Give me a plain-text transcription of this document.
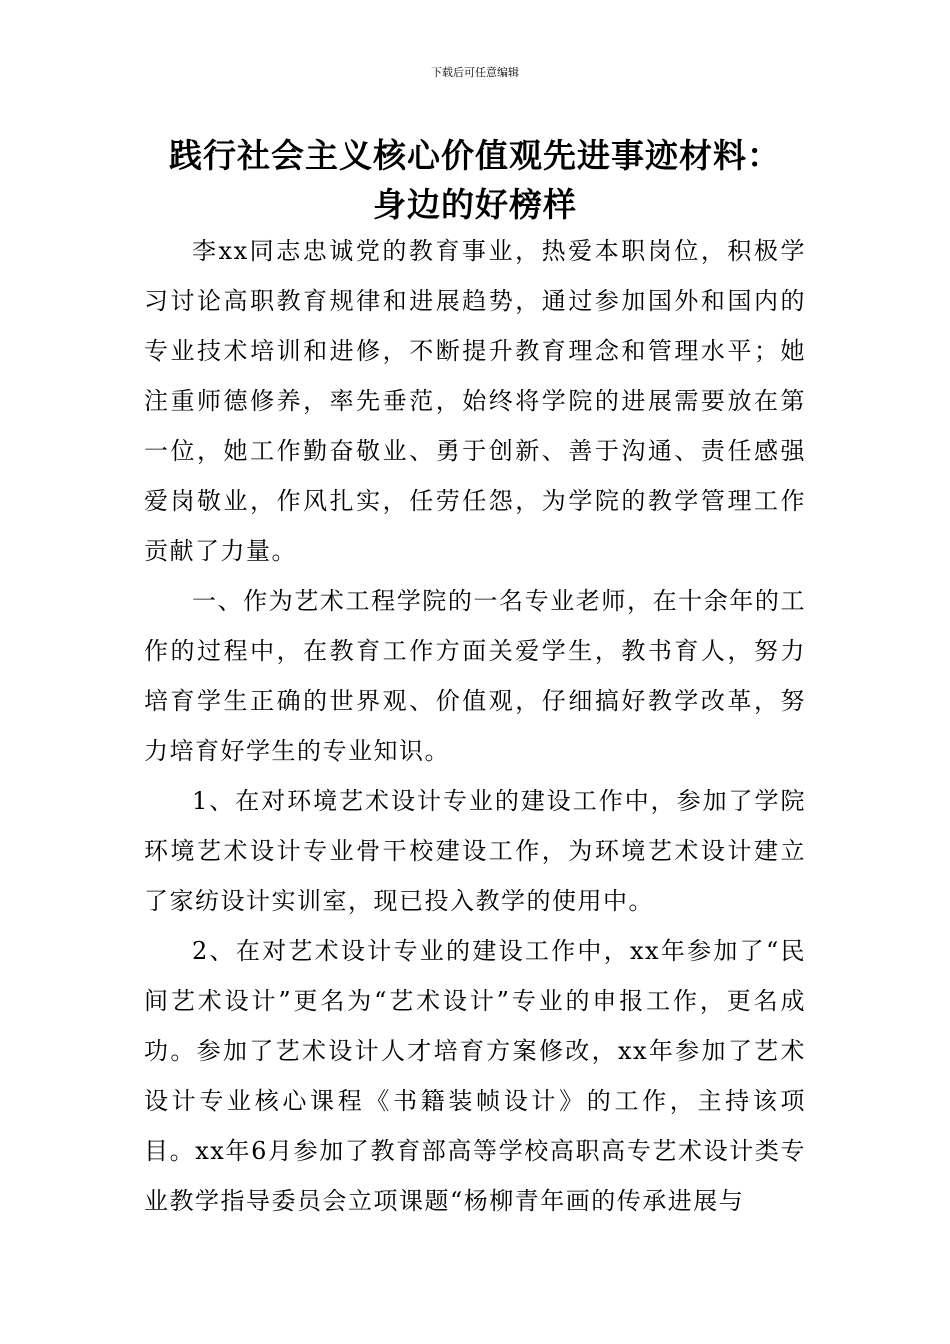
下载后可任意编辑
践行社会主义核心价值观先进事迹材料：
身边的好榜样

李xx同志忠诚党的教育事业，热爱本职岗位，积极学习讨论高职教育规律和进展趋势，通过参加国外和国内的专业技术培训和进修，不断提升教育理念和管理水平；她注重师德修养，率先垂范，始终将学院的进展需要放在第一位，她工作勤奋敬业、勇于创新、善于沟通、责任感强爱岗敬业，作风扎实，任劳任怨，为学院的教学管理工作贡献了力量。

一、作为艺术工程学院的一名专业老师，在十余年的工作的过程中，在教育工作方面关爱学生，教书育人，努力培育学生正确的世界观、价值观，仔细搞好教学改革，努力培育好学生的专业知识。

1、在对环境艺术设计专业的建设工作中，参加了学院环境艺术设计专业骨干校建设工作，为环境艺术设计建立了家纺设计实训室，现已投入教学的使用中。

2、在对艺术设计专业的建设工作中，xx年参加了“民间艺术设计”更名为“艺术设计”专业的申报工作，更名成功。参加了艺术设计人才培育方案修改，xx年参加了艺术设计专业核心课程《书籍装帧设计》的工作，主持该项目。xx年6月参加了教育部高等学校高职高专艺术设计类专业教学指导委员会立项课题“杨柳青年画的传承进展与
